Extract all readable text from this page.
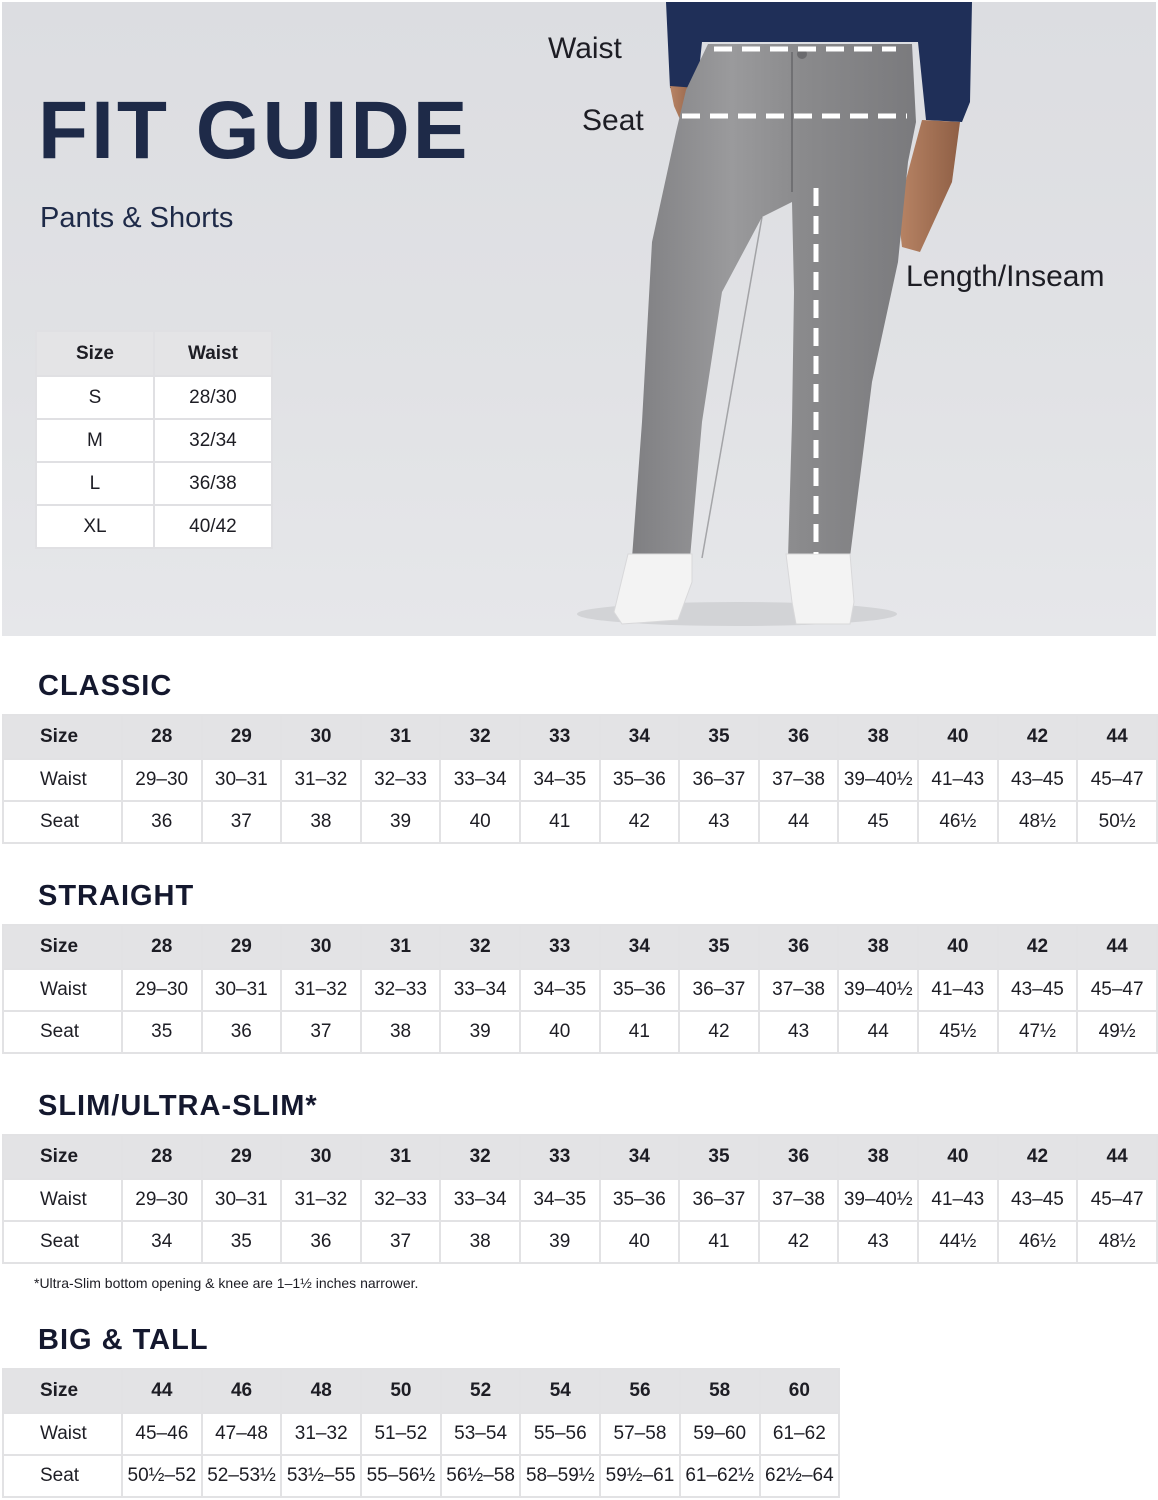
FIT GUIDE
Pants & Shorts
Waist
Seat
Length/Inseam
Size	Waist
S	28/30
M	32/34
L	36/38
XL	40/42
CLASSIC
Size	28	29	30	31	32	33	34	35	36	38	40	42	44
Waist	29–30	30–31	31–32	32–33	33–34	34–35	35–36	36–37	37–38	39–40½	41–43	43–45	45–47
Seat	36	37	38	39	40	41	42	43	44	45	46½	48½	50½
STRAIGHT
Size	28	29	30	31	32	33	34	35	36	38	40	42	44
Waist	29–30	30–31	31–32	32–33	33–34	34–35	35–36	36–37	37–38	39–40½	41–43	43–45	45–47
Seat	35	36	37	38	39	40	41	42	43	44	45½	47½	49½
SLIM/ULTRA-SLIM*
Size	28	29	30	31	32	33	34	35	36	38	40	42	44
Waist	29–30	30–31	31–32	32–33	33–34	34–35	35–36	36–37	37–38	39–40½	41–43	43–45	45–47
Seat	34	35	36	37	38	39	40	41	42	43	44½	46½	48½
*Ultra-Slim bottom opening & knee are 1–1½ inches narrower.
BIG & TALL
Size	44	46	48	50	52	54	56	58	60
Waist	45–46	47–48	31–32	51–52	53–54	55–56	57–58	59–60	61–62
Seat	50½–52	52–53½	53½–55	55–56½	56½–58	58–59½	59½–61	61–62½	62½–64
